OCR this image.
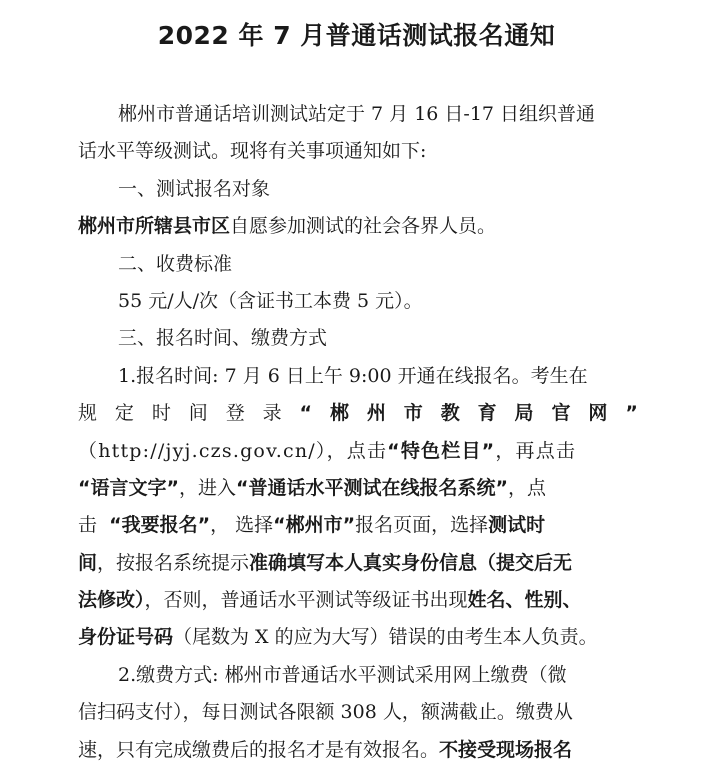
2022 年 7 月普通话测试报名通知
郴州市普通话培训测试站定于 7 月 16 日-17 日组织普通
话水平等级测试。现将有关事项通知如下:
一、测试报名对象
郴州市所辖县市区自愿参加测试的社会各界人员。
二、收费标准
55 元/人/次（含证书工本费 5 元）。
三、报名时间、缴费方式
1.报名时间: 7 月 6 日上午 9:00 开通在线报名。考生在
规 定 时 间 登 录 “ 郴 州 市 教 育 局 官 网 ”
（http://jyj.czs.gov.cn/），点击“特色栏目”，再点击
“语言文字”，进入“普通话水平测试在线报名系统”，点
击 “我要报名”， 选择“郴州市”报名页面，选择测试时
间，按报名系统提示准确填写本人真实身份信息（提交后无
法修改），否则，普通话水平测试等级证书出现姓名、性别、
身份证号码（尾数为 X 的应为大写）错误的由考生本人负责。
2.缴费方式: 郴州市普通话水平测试采用网上缴费（微
信扫码支付），每日测试各限额 308 人，额满截止。缴费从
速，只有完成缴费后的报名才是有效报名。不接受现场报名
